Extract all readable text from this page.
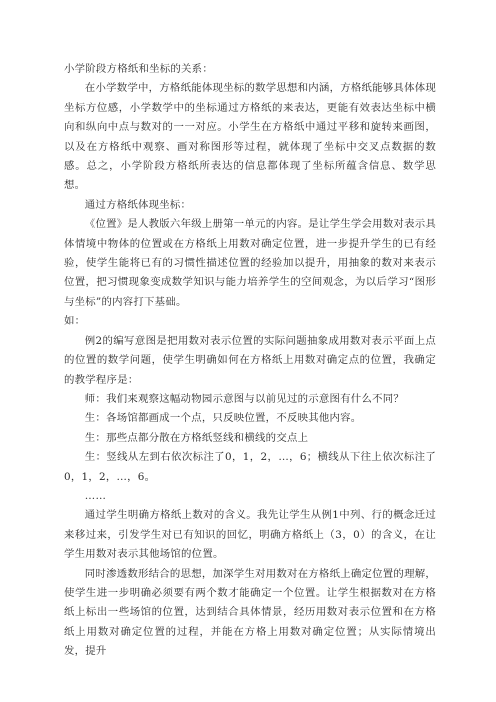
小学阶段方格纸和坐标的关系：

在小学数学中，方格纸能体现坐标的数学思想和内涵，方格纸能够具体体现坐标方位感，小学数学中的坐标通过方格纸的来表达，更能有效表达坐标中横向和纵向中点与数对的一一对应。小学生在方格纸中通过平移和旋转来画图，以及在方格纸中观察、画对称图形等过程，就体现了坐标中交叉点数据的数感。总之，小学阶段方格纸所表达的信息都体现了坐标所蕴含信息、数学思想。

通过方格纸体现坐标：

《位置》是人教版六年级上册第一单元的内容。是让学生学会用数对表示具体情境中物体的位置或在方格纸上用数对确定位置，进一步提升学生的已有经验，使学生能将已有的习惯性描述位置的经验加以提升，用抽象的数对来表示位置，把习惯现象变成数学知识与能力培养学生的空间观念，为以后学习“图形与坐标”的内容打下基础。

如：

例2的编写意图是把用数对表示位置的实际问题抽象成用数对表示平面上点的位置的数学问题，使学生明确如何在方格纸上用数对确定点的位置，我确定的教学程序是：

师：我们来观察这幅动物园示意图与以前见过的示意图有什么不同？

生：各场馆都画成一个点，只反映位置，不反映其他内容。

生：那些点都分散在方格纸竖线和横线的交点上

生：竖线从左到右依次标注了0，1，2，…，6；横线从下往上依次标注了0，1，2，…，6。

……

通过学生明确方格纸上数对的含义。我先让学生从例1中列、行的概念迁过来移过来，引发学生对已有知识的回忆，明确方格纸上（3，0）的含义，在让学生用数对表示其他场馆的位置。

同时渗透数形结合的思想，加深学生对用数对在方格纸上确定位置的理解，使学生进一步明确必须要有两个数才能确定一个位置。让学生根据数对在方格纸上标出一些场馆的位置，达到结合具体情景，经历用数对表示位置和在方格纸上用数对确定位置的过程，并能在方格上用数对确定位置；从实际情境出发，提升
